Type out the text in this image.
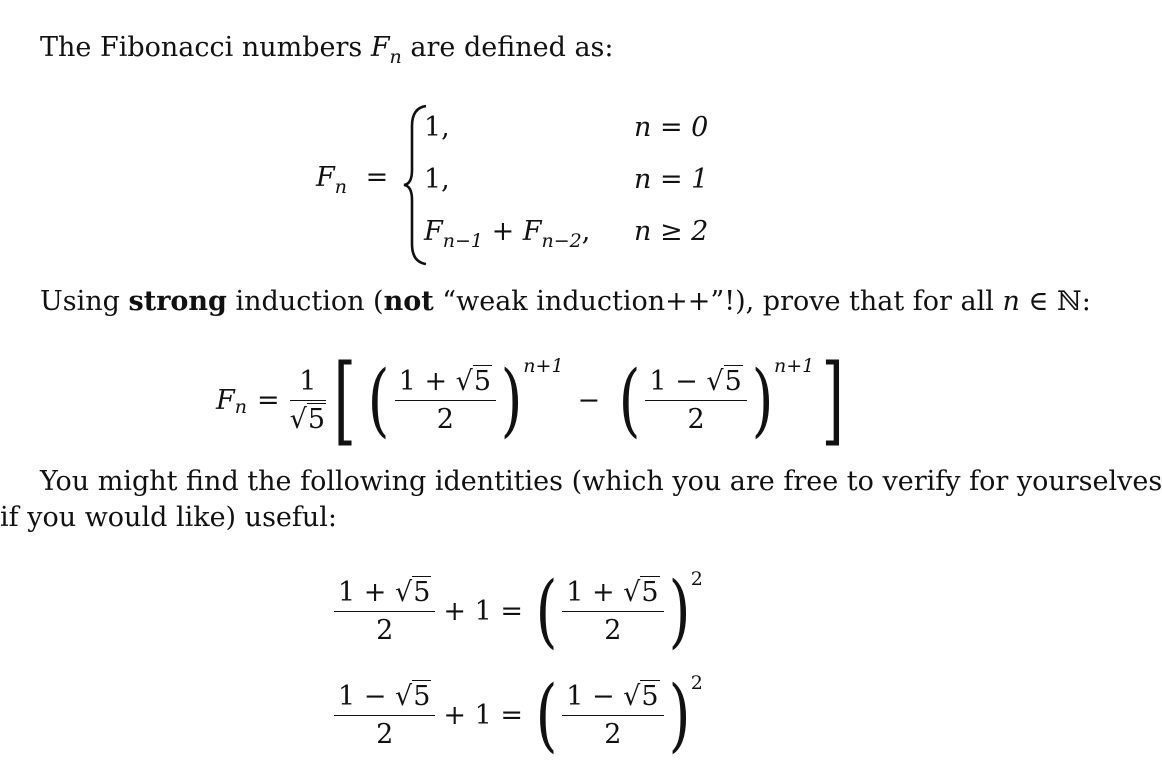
The Fibonacci numbers $F_n$ are defined as:
$F_n$ =
1,	n = 0
1,	n = 1
$F_{n-1} + F_{n-2}$, n ≥ 2
Using strong induction (not “weak induction++”!), prove that for all n ∈ ℕ:
F $n = \frac{1}{√5}$ [ ( $\frac{1 + √5}{2}$ ) n+1
− ( $\frac{1 - √5}{2}$ ) n+1 ]
You might find the following identities (which you are free to verify for yourselves
if you would like) useful:
$\frac{1 + √5}{2} + 1$ = ( $\frac{1 + √5}{2}$ ) 2
$\frac{1 - √5}{2} + 1$ = ( $\frac{1 - √5}{2}$ ) 2
